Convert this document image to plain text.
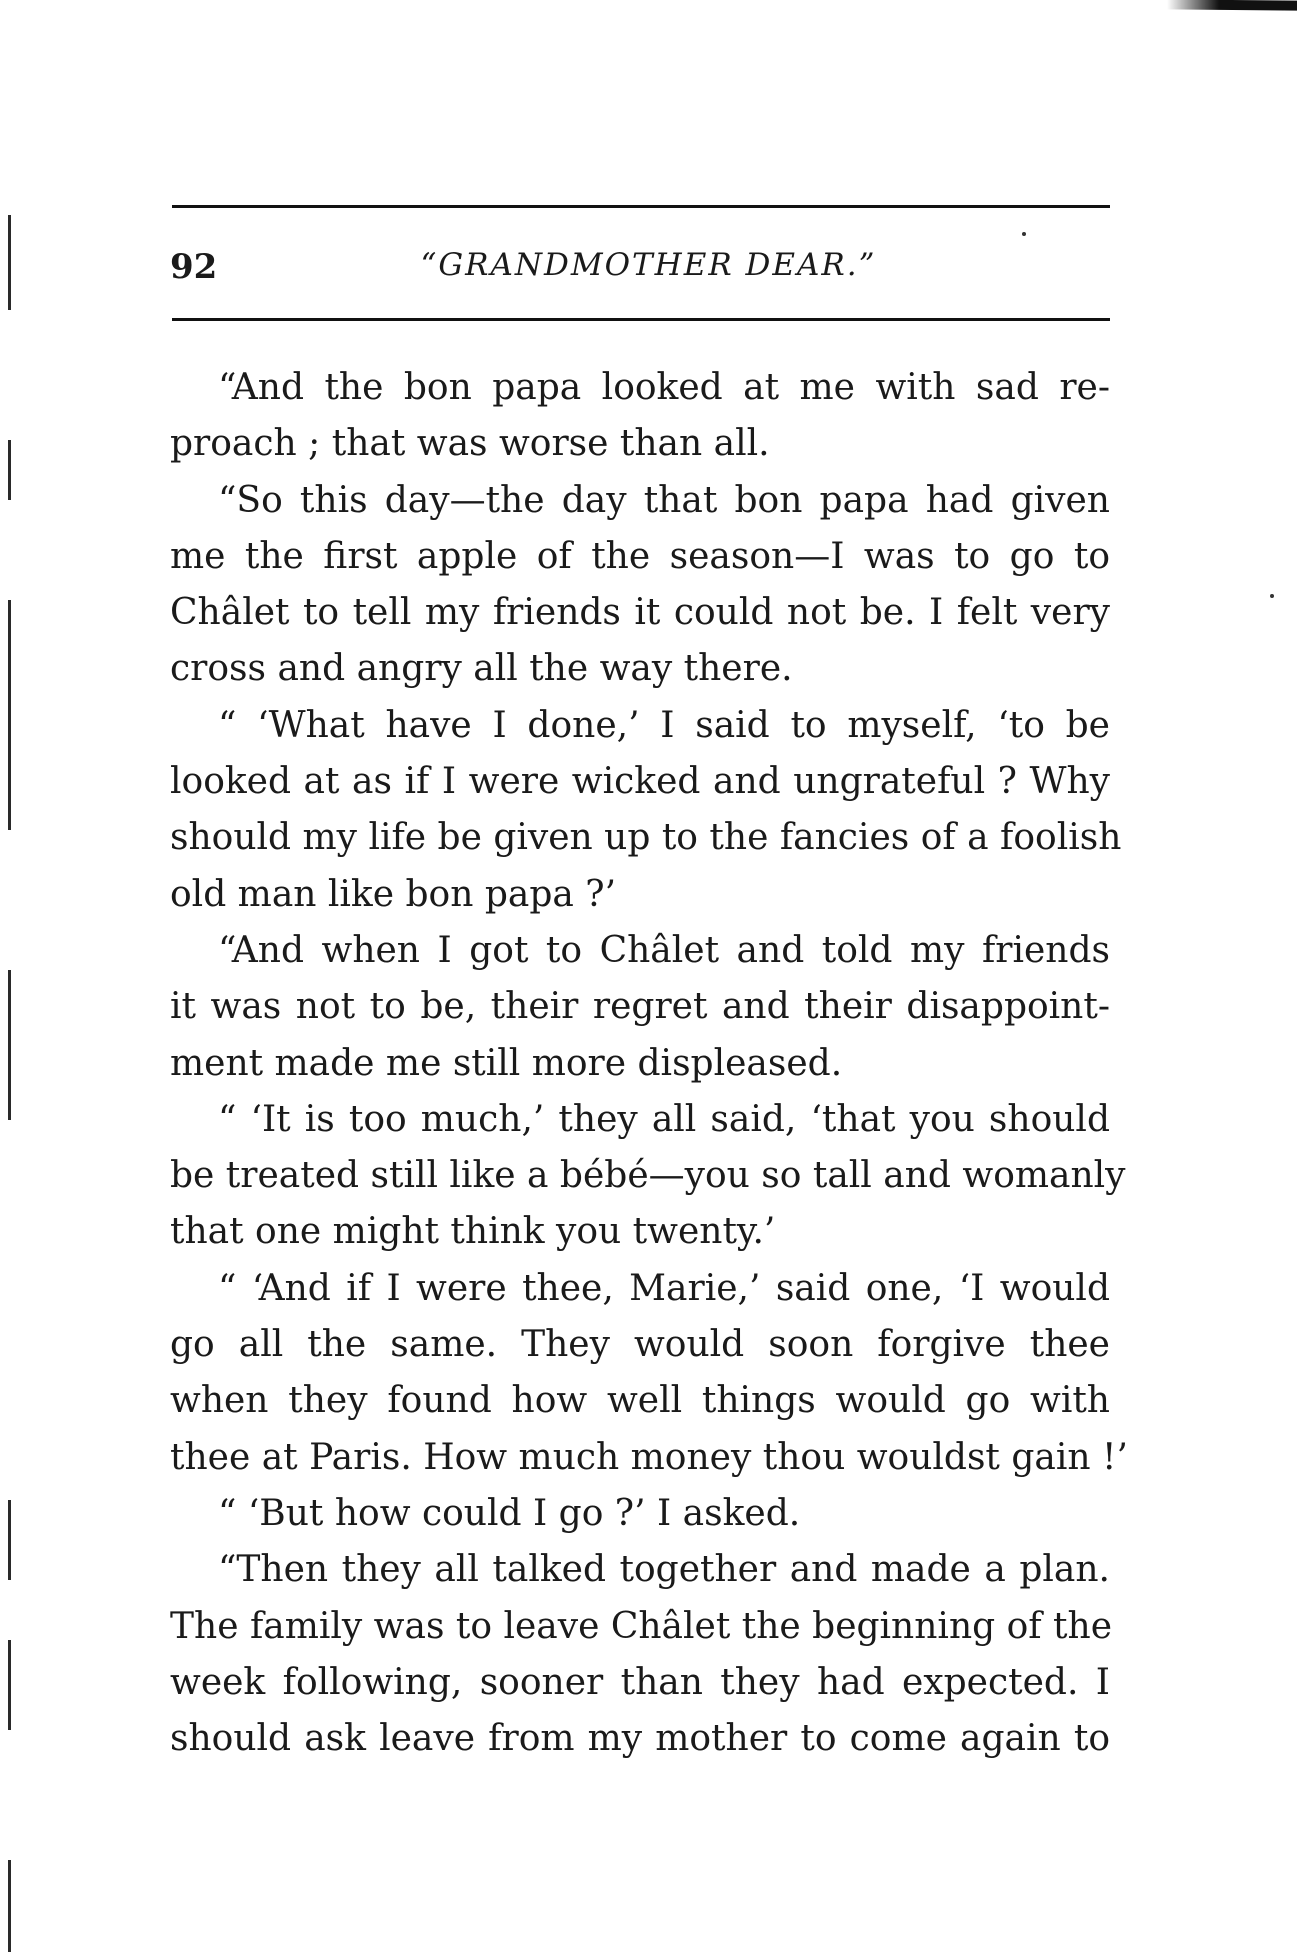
92	“GRANDMOTHER DEAR.”
“And the bon papa looked at me with sad re-
proach ; that was worse than all.
“So this day—the day that bon papa had given
me the first apple of the season—I was to go to
Châlet to tell my friends it could not be. I felt very
cross and angry all the way there.
“ ‘What have I done,’ I said to myself, ‘to be
looked at as if I were wicked and ungrateful ? Why
should my life be given up to the fancies of a foolish
old man like bon papa ?’
“And when I got to Châlet and told my friends
it was not to be, their regret and their disappoint-
ment made me still more displeased.
“ ‘It is too much,’ they all said, ‘that you should
be treated still like a bébé—you so tall and womanly
that one might think you twenty.’
“ ‘And if I were thee, Marie,’ said one, ‘I would
go all the same. They would soon forgive thee
when they found how well things would go with
thee at Paris. How much money thou wouldst gain !’
“ ‘But how could I go ?’ I asked.
“Then they all talked together and made a plan.
The family was to leave Châlet the beginning of the
week following, sooner than they had expected. I
should ask leave from my mother to come again to
